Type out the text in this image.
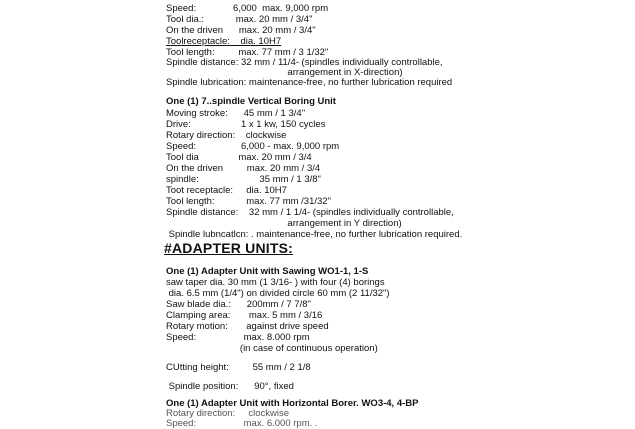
Speed:              6,000  max. 9,000 rpm

Tool dia.:            max. 20 mm / 3/4"

On the driven      max. 20 mm / 3/4"

Toolreceptacle:    dia. 10H7

Tool length:         max. 77 mm / 3 1/32"

Spindle distance: 32 mm / 11/4- (spindles individually controllable,

arrangement in X-direction)

Spindle lubrication: maintenance-free, no further lubrication required

One (1) 7..spindle Vertical Boring Unit

Moving stroke:      45 mm / 1 3/4"

Drive:                   1 x 1 kw, 150 cycles

Rotary direction:    clockwise

Speed:                 6,000 - max. 9,000 rpm

Tool dia               max. 20 mm / 3/4

On the driven         max. 20 mm / 3/4

spindle:                       35 mm / 1 3/8"

Toot receptacle:     dia. 10H7

Tool length:            max. 77 mm /31/32"

Spindle distance:    32 mm / 1 1/4- (spindles individually controllable,

arrangement in Y direction)

Spindle lubncatlcn: . maintenance-free, no further lubrication required.

#ADAPTER UNITS:

One (1) Adapter Unit with Sawing WO1-1, 1-S

saw taper dia. 30 mm (1 3/16- ) with four (4) borings

dia. 6.5 mm (1/4") on divided circle 60 mm (2 11/32")

Saw blade dia.:      200mm / 7 7/8"

Clamping area:       max. 5 mm / 3/16

Rotary motion:       against drive speed

Speed:                  max. 8.000 rpm

(in case of continuous operation)

CUtting height:         55 mm / 2 1/8

Spindle position:      90°, fixed

One (1) Adapter Unit with Horizontal Borer. WO3-4, 4-BP

Rotary direction:     clockwise

Speed:                  max. 6.000 rpm. .
